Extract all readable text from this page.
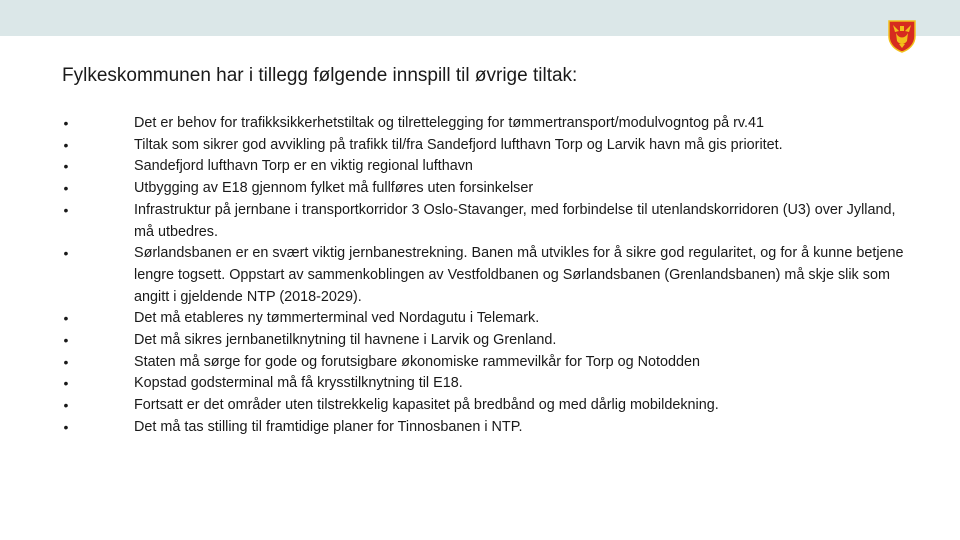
Fylkeskommunen har i tillegg følgende innspill til øvrige tiltak:
•	Det er behov for trafikksikkerhetstiltak og tilrettelegging for tømmertransport/modulvogntog på rv.41
•	Tiltak som sikrer god avvikling på trafikk til/fra Sandefjord lufthavn Torp og Larvik havn må gis prioritet.
•	Sandefjord lufthavn Torp er en viktig regional lufthavn
•	Utbygging av E18 gjennom fylket må fullføres uten forsinkelser
•	Infrastruktur på jernbane i transportkorridor 3 Oslo-Stavanger, med forbindelse til utenlandskorridoren (U3) over Jylland, må utbedres.
•	Sørlandsbanen er en svært viktig jernbanestrekning. Banen må utvikles for å sikre god regularitet, og for å kunne betjene lengre togsett. Oppstart av sammenkoblingen av Vestfoldbanen og Sørlandsbanen (Grenlandsbanen) må skje slik som angitt i gjeldende NTP (2018-2029).
•	Det må etableres ny tømmerterminal ved Nordagutu i Telemark.
•	Det må sikres jernbanetilknytning til havnene i Larvik og Grenland.
•	Staten må sørge for gode og forutsigbare økonomiske rammevilkår for Torp og Notodden
•	Kopstad godsterminal må få krysstilknytning til E18.
•	Fortsatt er det områder uten tilstrekkelig kapasitet på bredbånd og med dårlig mobildekning.
•	Det må tas stilling til framtidige planer for Tinnosbanen i NTP.
